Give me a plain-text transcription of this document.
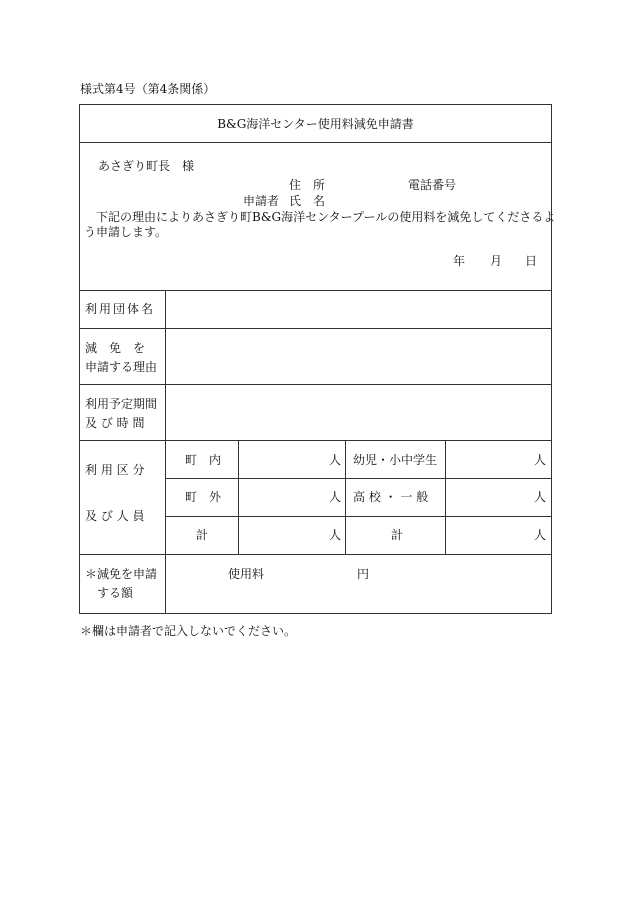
様式第4号（第4条関係）
B&G海洋センター使用料減免申請書
あさぎり町長　様
住　所	電話番号
申請者 氏　名
下記の理由によりあさぎり町B&G海洋センタープールの使用料を減免してくださるよ
う申請します。
年 月 日
利用団体名
減　免　を
申請する理由
利用予定期間
及 び 時 間
利 用 区 分
及 び 人 員
＊減免を申請
する額
町　内
町　外
計
人
人
人
幼児・小中学生
高 校 ・ 一 般
計
人
人
人
使用料	円
＊欄は申請者で記入しないでください。
